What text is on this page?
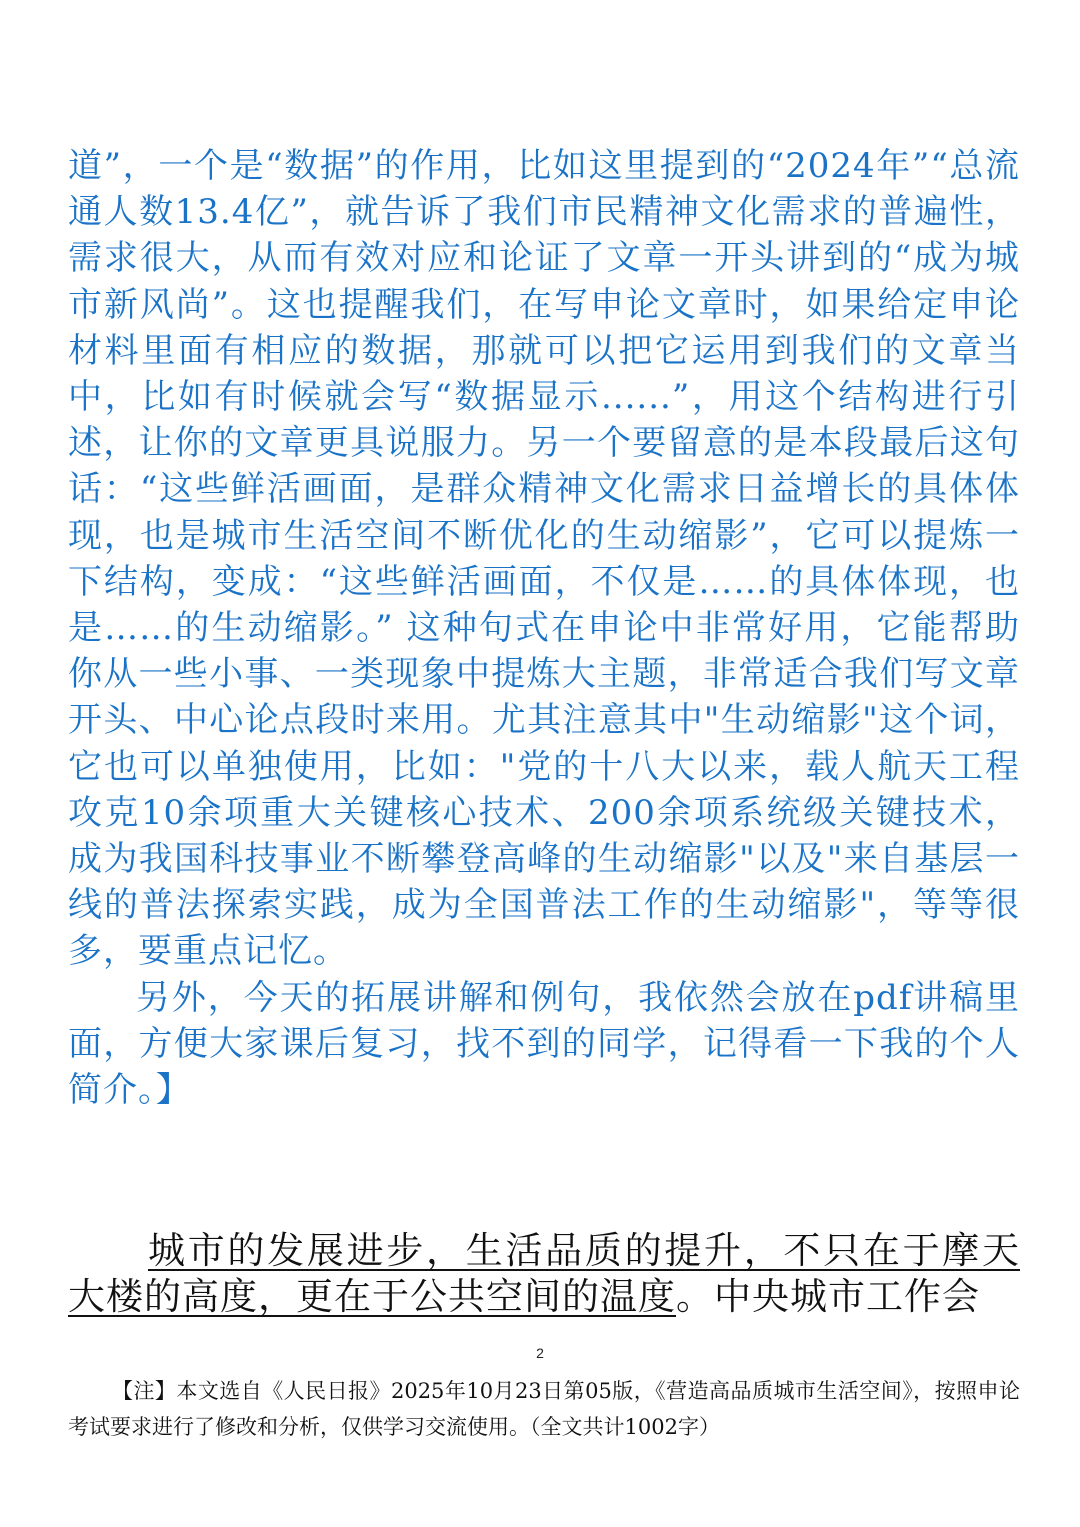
道”，一个是“数据”的作用，比如这里提到的“2024年”“总流通人数13.4亿”，就告诉了我们市民精神文化需求的普遍性，需求很大，从而有效对应和论证了文章一开头讲到的“成为城市新风尚”。这也提醒我们，在写申论文章时，如果给定申论材料里面有相应的数据，那就可以把它运用到我们的文章当中，比如有时候就会写“数据显示......”，用这个结构进行引述，让你的文章更具说服力。另一个要留意的是本段最后这句话：“这些鲜活画面，是群众精神文化需求日益增长的具体体现，也是城市生活空间不断优化的生动缩影”，它可以提炼一下结构，变成：“这些鲜活画面，不仅是……的具体体现，也是……的生动缩影。” 这种句式在申论中非常好用，它能帮助你从一些小事、一类现象中提炼大主题，非常适合我们写文章开头、中心论点段时来用。尤其注意其中"生动缩影"这个词，它也可以单独使用，比如："党的十八大以来，载人航天工程攻克10余项重大关键核心技术、200余项系统级关键技术，成为我国科技事业不断攀登高峰的生动缩影"以及"来自基层一线的普法探索实践，成为全国普法工作的生动缩影"，等等很多，要重点记忆。

另外，今天的拓展讲解和例句，我依然会放在pdf讲稿里面，方便大家课后复习，找不到的同学，记得看一下我的个人简介。】

城市的发展进步，生活品质的提升，不只在于摩天大楼的高度，更在于公共空间的温度。中央城市工作会
2
【注】本文选自《人民日报》2025年10月23日第05版，《营造高品质城市生活空间》，按照申论考试要求进行了修改和分析，仅供学习交流使用。（全文共计1002字）
